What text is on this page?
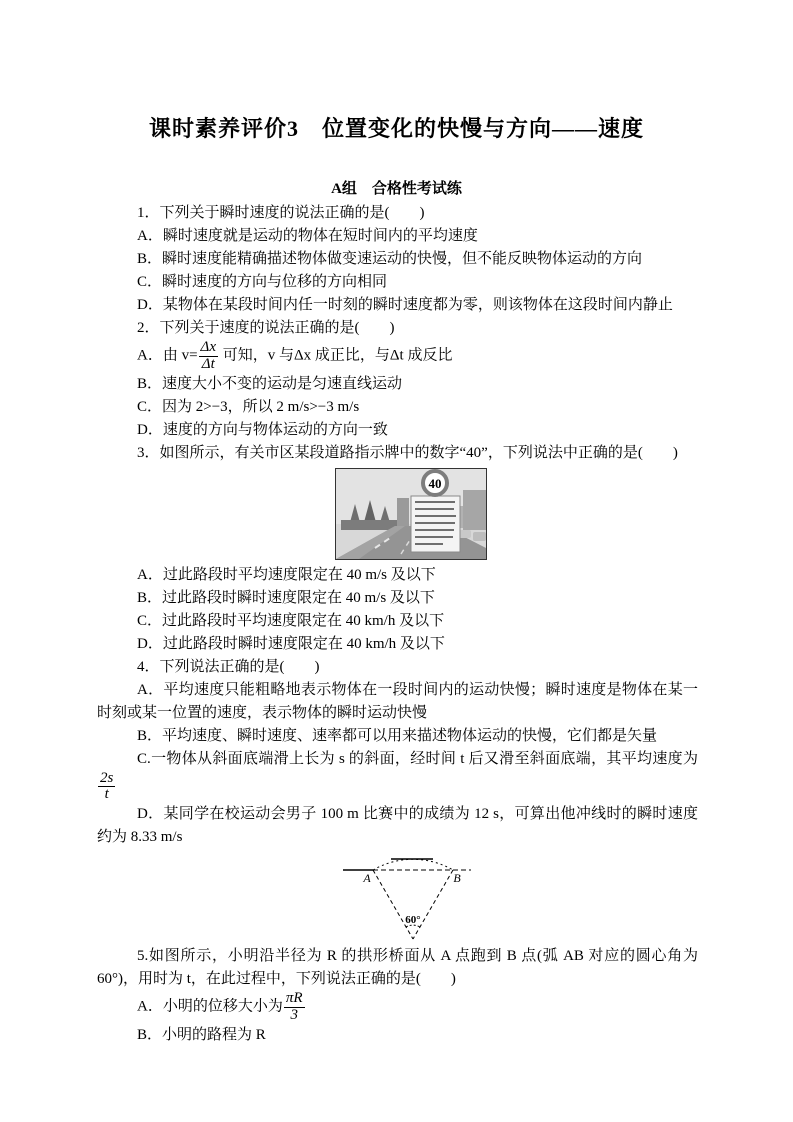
课时素养评价3　位置变化的快慢与方向——速度
A组　合格性考试练

1．下列关于瞬时速度的说法正确的是(　　)

A．瞬时速度就是运动的物体在短时间内的平均速度

B．瞬时速度能精确描述物体做变速运动的快慢，但不能反映物体运动的方向

C．瞬时速度的方向与位移的方向相同

D．某物体在某段时间内任一时刻的瞬时速度都为零，则该物体在这段时间内静止

2．下列关于速度的说法正确的是(　　)

A．由 $v= \frac{\Delta x}{\Delta t}$ 可知，v 与Δx 成正比，与Δt 成反比

B．速度大小不变的运动是匀速直线运动

C．因为 2>−3，所以 2 m/s>−3 m/s

D．速度的方向与物体运动的方向一致

3．如图所示，有关市区某段道路指示牌中的数字“40”，下列说法中正确的是(　　)

40

A．过此路段时平均速度限定在 40 m/s 及以下

B．过此路段时瞬时速度限定在 40 m/s 及以下

C．过此路段时平均速度限定在 40 km/h 及以下

D．过此路段时瞬时速度限定在 40 km/h 及以下

4．下列说法正确的是(　　)

A．平均速度只能粗略地表示物体在一段时间内的运动快慢；瞬时速度是物体在某一时刻或某一位置的速度，表示物体的瞬时运动快慢

B．平均速度、瞬时速度、速率都可以用来描述物体运动的快慢，它们都是矢量

C.一物体从斜面底端滑上长为 s 的斜面，经时间 t 后又滑至斜面底端，其平均速度为
$\frac{2s}{t}$

D．某同学在校运动会男子 100 m 比赛中的成绩为 12 s，可算出他冲线时的瞬时速度约为 8.33 m/s

60°
A	B

5.如图所示，小明沿半径为 R 的拱形桥面从 A 点跑到 B 点(弧 AB 对应的圆心角为 60°)，用时为 t，在此过程中，下列说法正确的是(　　)

A．小明的位移大小为 $\frac{\pi R}{3}$

B．小明的路程为 R
